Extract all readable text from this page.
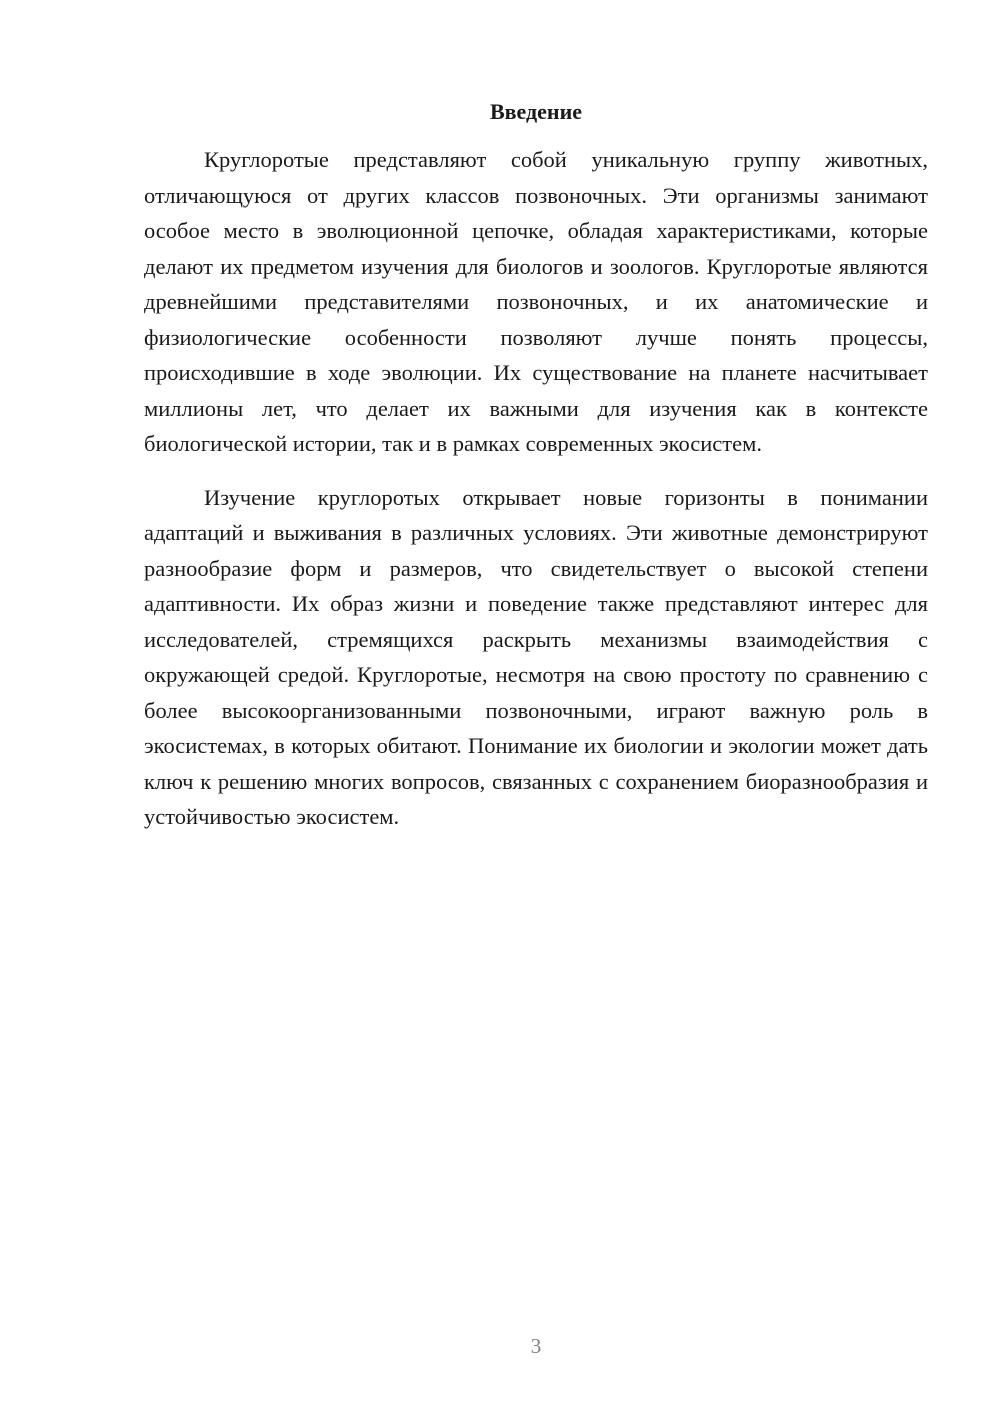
Введение

Круглоротые представляют собой уникальную группу животных, отличающуюся от других классов позвоночных. Эти организмы занимают особое место в эволюционной цепочке, обладая характеристиками, которые делают их предметом изучения для биологов и зоологов. Круглоротые являются древнейшими представителями позвоночных, и их анатомические и физиологические особенности позволяют лучше понять процессы, происходившие в ходе эволюции. Их существование на планете насчитывает миллионы лет, что делает их важными для изучения как в контексте биологической истории, так и в рамках современных экосистем.

Изучение круглоротых открывает новые горизонты в понимании адаптаций и выживания в различных условиях. Эти животные демонстрируют разнообразие форм и размеров, что свидетельствует о высокой степени адаптивности. Их образ жизни и поведение также представляют интерес для исследователей, стремящихся раскрыть механизмы взаимодействия с окружающей средой. Круглоротые, несмотря на свою простоту по сравнению с более высокоорганизованными позвоночными, играют важную роль в экосистемах, в которых обитают. Понимание их биологии и экологии может дать ключ к решению многих вопросов, связанных с сохранением биоразнообразия и устойчивостью экосистем.

3
